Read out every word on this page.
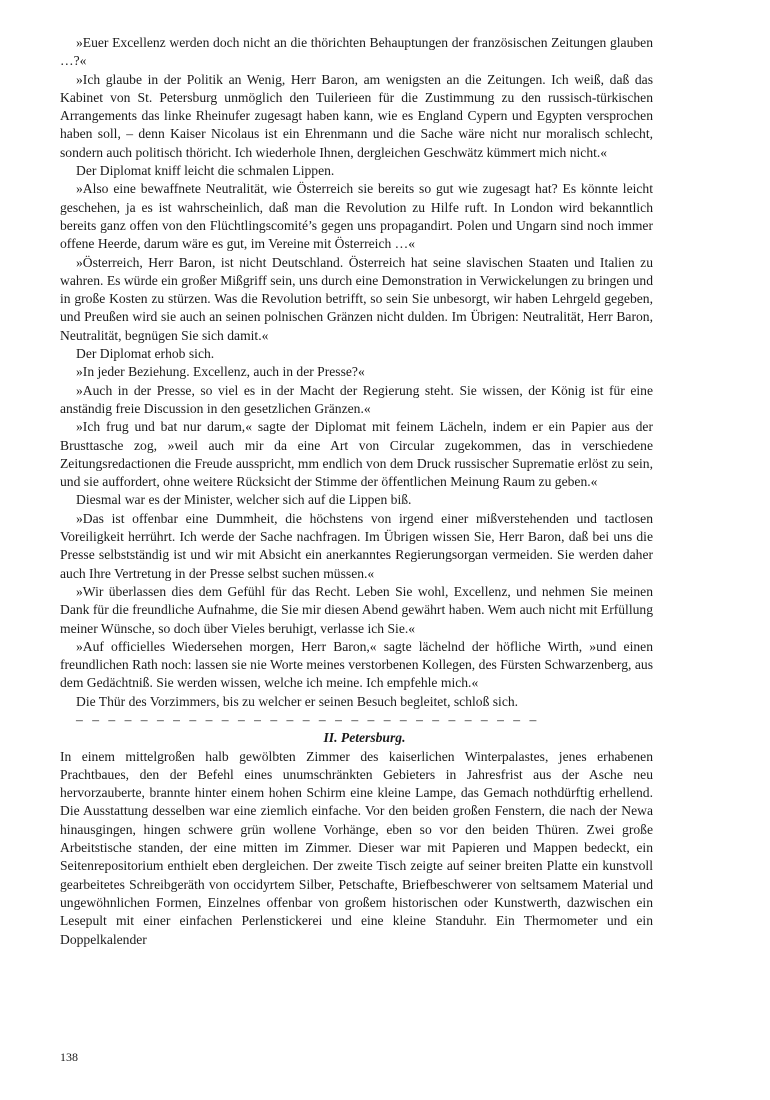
»Euer Excellenz werden doch nicht an die thörichten Behauptungen der französischen Zeitungen glauben …?«

»Ich glaube in der Politik an Wenig, Herr Baron, am wenigsten an die Zeitungen. Ich weiß, daß das Kabinet von St. Petersburg unmöglich den Tuilerieen für die Zustimmung zu den russisch-türkischen Arrangements das linke Rheinufer zugesagt haben kann, wie es England Cypern und Egypten versprochen haben soll, – denn Kaiser Nicolaus ist ein Ehrenmann und die Sache wäre nicht nur moralisch schlecht, sondern auch politisch thöricht. Ich wiederhole Ihnen, dergleichen Geschwätz kümmert mich nicht.«

Der Diplomat kniff leicht die schmalen Lippen.

»Also eine bewaffnete Neutralität, wie Österreich sie bereits so gut wie zugesagt hat? Es könnte leicht geschehen, ja es ist wahrscheinlich, daß man die Revolution zu Hilfe ruft. In London wird bekanntlich bereits ganz offen von den Flüchtlingscomité’s gegen uns propagandirt. Polen und Ungarn sind noch immer offene Heerde, darum wäre es gut, im Vereine mit Österreich …«

»Österreich, Herr Baron, ist nicht Deutschland. Österreich hat seine slavischen Staaten und Italien zu wahren. Es würde ein großer Mißgriff sein, uns durch eine Demonstration in Verwickelungen zu bringen und in große Kosten zu stürzen. Was die Revolution betrifft, so sein Sie unbesorgt, wir haben Lehrgeld gegeben, und Preußen wird sie auch an seinen polnischen Gränzen nicht dulden. Im Übrigen: Neutralität, Herr Baron, Neutralität, begnügen Sie sich damit.«

Der Diplomat erhob sich.

»In jeder Beziehung. Excellenz, auch in der Presse?«

»Auch in der Presse, so viel es in der Macht der Regierung steht. Sie wissen, der König ist für eine anständig freie Discussion in den gesetzlichen Gränzen.«

»Ich frug und bat nur darum,« sagte der Diplomat mit feinem Lächeln, indem er ein Papier aus der Brusttasche zog, »weil auch mir da eine Art von Circular zugekommen, das in verschiedene Zeitungsredactionen die Freude ausspricht, mm endlich von dem Druck russischer Suprematie erlöst zu sein, und sie auffordert, ohne weitere Rücksicht der Stimme der öffentlichen Meinung Raum zu geben.«

Diesmal war es der Minister, welcher sich auf die Lippen biß.

»Das ist offenbar eine Dummheit, die höchstens von irgend einer mißverstehenden und tactlosen Voreiligkeit herrührt. Ich werde der Sache nachfragen. Im Übrigen wissen Sie, Herr Baron, daß bei uns die Presse selbstständig ist und wir mit Absicht ein anerkanntes Regierungsorgan vermeiden. Sie werden daher auch Ihre Vertretung in der Presse selbst suchen müssen.«

»Wir überlassen dies dem Gefühl für das Recht. Leben Sie wohl, Excellenz, und nehmen Sie meinen Dank für die freundliche Aufnahme, die Sie mir diesen Abend gewährt haben. Wem auch nicht mit Erfüllung meiner Wünsche, so doch über Vieles beruhigt, verlasse ich Sie.«

»Auf officielles Wiedersehen morgen, Herr Baron,« sagte lächelnd der höfliche Wirth, »und einen freundlichen Rath noch: lassen sie nie Worte meines verstorbenen Kollegen, des Fürsten Schwarzenberg, aus dem Gedächtniß. Sie werden wissen, welche ich meine. Ich empfehle mich.«

Die Thür des Vorzimmers, bis zu welcher er seinen Besuch begleitet, schloß sich.

– – – – – – – – – – – – – – – – – – – – – – – – – – – – –

II. Petersburg.

In einem mittelgroßen halb gewölbten Zimmer des kaiserlichen Winterpalastes, jenes erhabenen Prachtbaues, den der Befehl eines unumschränkten Gebieters in Jahresfrist aus der Asche neu hervorzauberte, brannte hinter einem hohen Schirm eine kleine Lampe, das Gemach nothdürftig erhellend. Die Ausstattung desselben war eine ziemlich einfache. Vor den beiden großen Fenstern, die nach der Newa hinausgingen, hingen schwere grün wollene Vorhänge, eben so vor den beiden Thüren. Zwei große Arbeitstische standen, der eine mitten im Zimmer. Dieser war mit Papieren und Mappen bedeckt, ein Seitenrepositorium enthielt eben dergleichen. Der zweite Tisch zeigte auf seiner breiten Platte ein kunstvoll gearbeitetes Schreibgeräth von occidyrtem Silber, Petschafte, Briefbeschwerer von seltsamem Material und ungewöhnlichen Formen, Einzelnes offenbar von großem historischen oder Kunstwerth, dazwischen ein Lesepult mit einer einfachen Perlenstickerei und eine kleine Standuhr. Ein Thermometer und ein Doppelkalender

138
